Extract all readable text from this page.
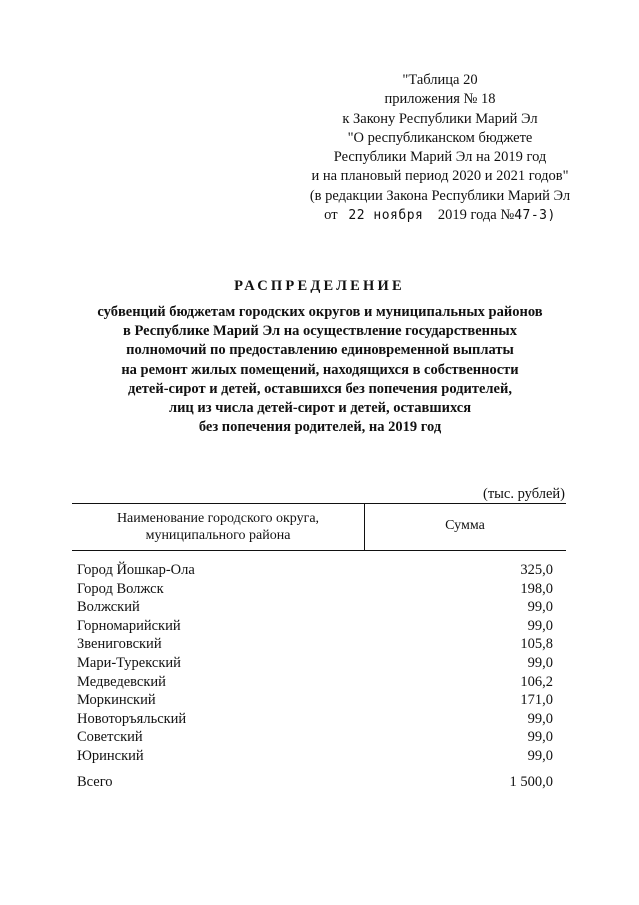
"Таблица 20
приложения № 18
к Закону Республики Марий Эл
"О республиканском бюджете
Республики Марий Эл на 2019 год
и на плановый период 2020 и 2021 годов"
(в редакции Закона Республики Марий Эл
от 22 ноября 2019 года №47-З)
РАСПРЕДЕЛЕНИЕ
субвенций бюджетам городских округов и муниципальных районов
в Республике Марий Эл на осуществление государственных
полномочий по предоставлению единовременной выплаты
на ремонт жилых помещений, находящихся в собственности
детей-сирот и детей, оставшихся без попечения родителей,
лиц из числа детей-сирот и детей, оставшихся
без попечения родителей, на 2019 год
(тыс. рублей)
Наименование городского округа,
муниципального района
Сумма
Город Йошкар-Ола	325,0
Город Волжск	198,0
Волжский	99,0
Горномарийский	99,0
Звениговский	105,8
Мари-Турекский	99,0
Медведевский	106,2
Моркинский	171,0
Новоторъяльский	99,0
Советский	99,0
Юринский	99,0
Всего	1 500,0
